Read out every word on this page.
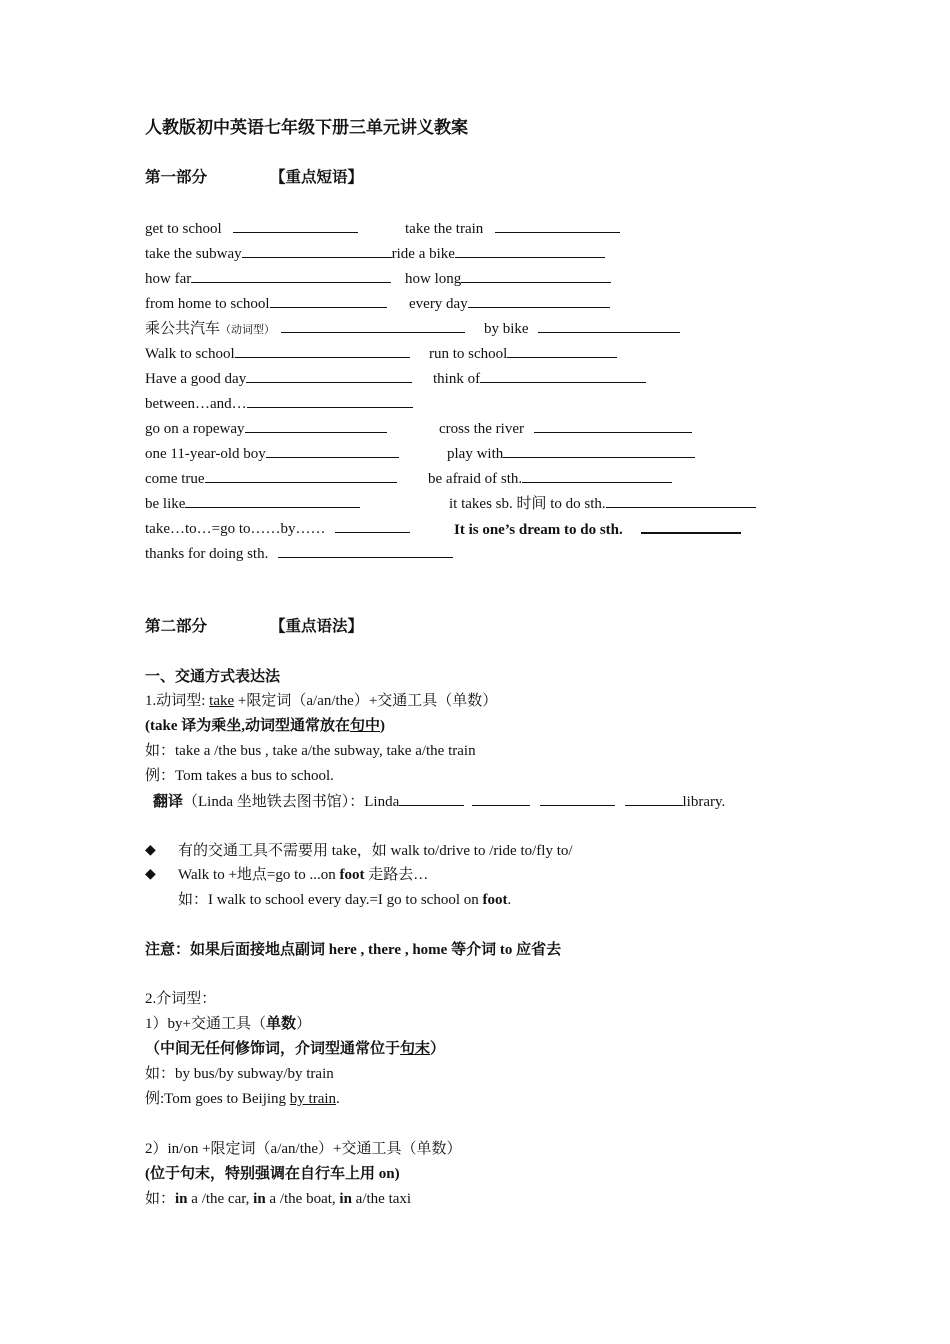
人教版初中英语七年级下册三单元讲义教案
第一部分	【重点短语】
get to school	take the train
take the subway	ride a bike
how far	how long
from home to school	every day
乘公共汽车（动词型）	by bike
Walk to school	run to school
Have a good day	think of
between…and…
go on a ropeway	cross the river
one 11-year-old boy	play with
come true	be afraid of sth.
be like	it takes sb. 时间 to do sth.
take…to…=go to……by……	It is one’s dream to do sth.
thanks for doing sth.
第二部分	【重点语法】
一、交通方式表达法
1.动词型: take +限定词（a/an/the）+交通工具（单数）
(take 译为乘坐,动词型通常放在句中)
如：take a /the bus , take a/the subway, take a/the train
例：Tom takes a bus to school.
翻译（Linda 坐地铁去图书馆）：Linda	library.
◆ 有的交通工具不需要用 take，如 walk to/drive to /ride to/fly to/
◆ Walk to +地点=go to ...on foot 走路去…
如：I walk to school every day.=I go to school on foot.
注意：如果后面接地点副词 here , there , home 等介词 to 应省去
2.介词型：
1）by+交通工具（单数）
（中间无任何修饰词，介词型通常位于句末）
如：by bus/by subway/by train
例:Tom goes to Beijing by train.
2）in/on +限定词（a/an/the）+交通工具（单数）
(位于句末，特别强调在自行车上用 on)
如：in a /the car, in a /the boat, in a/the taxi
